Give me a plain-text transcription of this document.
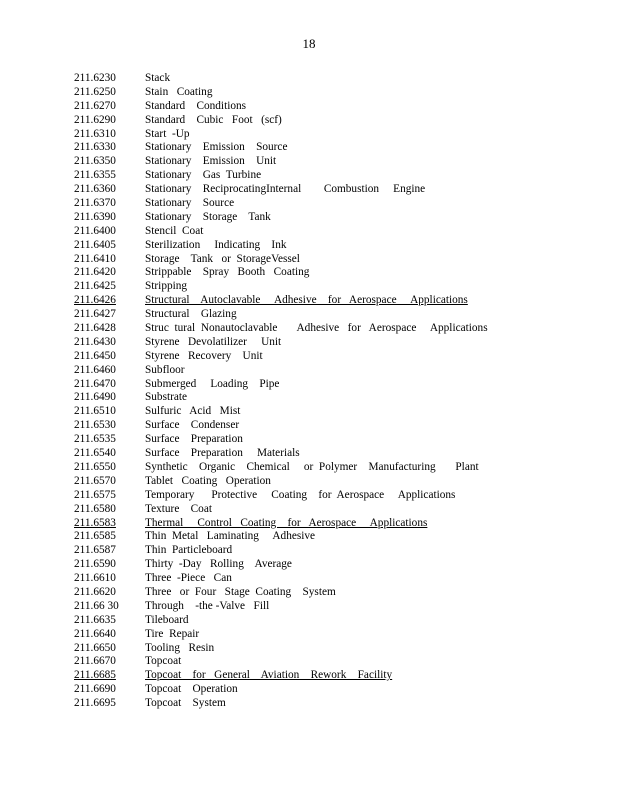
18
211.6230	Stack
211.6250	Stain   Coating
211.6270	Standard    Conditions
211.6290	Standard    Cubic   Foot   (scf)
211.6310	Start  -Up
211.6330	Stationary    Emission    Source
211.6350	Stationary    Emission    Unit
211.6355	Stationary    Gas  Turbine
211.6360	Stationary    ReciprocatingInternal        Combustion     Engine
211.6370	Stationary    Source
211.6390	Stationary    Storage    Tank
211.6400	Stencil  Coat
211.6405	Sterilization     Indicating    Ink
211.6410	Storage    Tank   or  StorageVessel
211.6420	Strippable    Spray   Booth   Coating
211.6425	Stripping
211.6426	Structural    Autoclavable     Adhesive    for   Aerospace     Applications
211.6427	Structural    Glazing
211.6428	Struc  tural  Nonautoclavable       Adhesive   for   Aerospace     Applications
211.6430	Styrene   Devolatilizer     Unit
211.6450	Styrene   Recovery    Unit
211.6460	Subfloor
211.6470	Submerged     Loading    Pipe
211.6490	Substrate
211.6510	Sulfuric   Acid   Mist
211.6530	Surface    Condenser
211.6535	Surface    Preparation
211.6540	Surface    Preparation     Materials
211.6550	Synthetic    Organic    Chemical     or  Polymer    Manufacturing       Plant
211.6570	Tablet   Coating   Operation
211.6575	Temporary      Protective     Coating    for  Aerospace     Applications
211.6580	Texture    Coat
211.6583	Thermal     Control   Coating    for   Aerospace     Applications
211.6585	Thin  Metal   Laminating     Adhesive
211.6587	Thin  Particleboard
211.6590	Thirty  -Day   Rolling    Average
211.6610	Three  -Piece   Can
211.6620	Three   or  Four   Stage  Coating    System
211.66 30	Through    -the -Valve   Fill
211.6635	Tileboard
211.6640	Tire  Repair
211.6650	Tooling   Resin
211.6670	Topcoat
211.6685	Topcoat    for   General    Aviation    Rework    Facility
211.6690	Topcoat    Operation
211.6695	Topcoat    System
